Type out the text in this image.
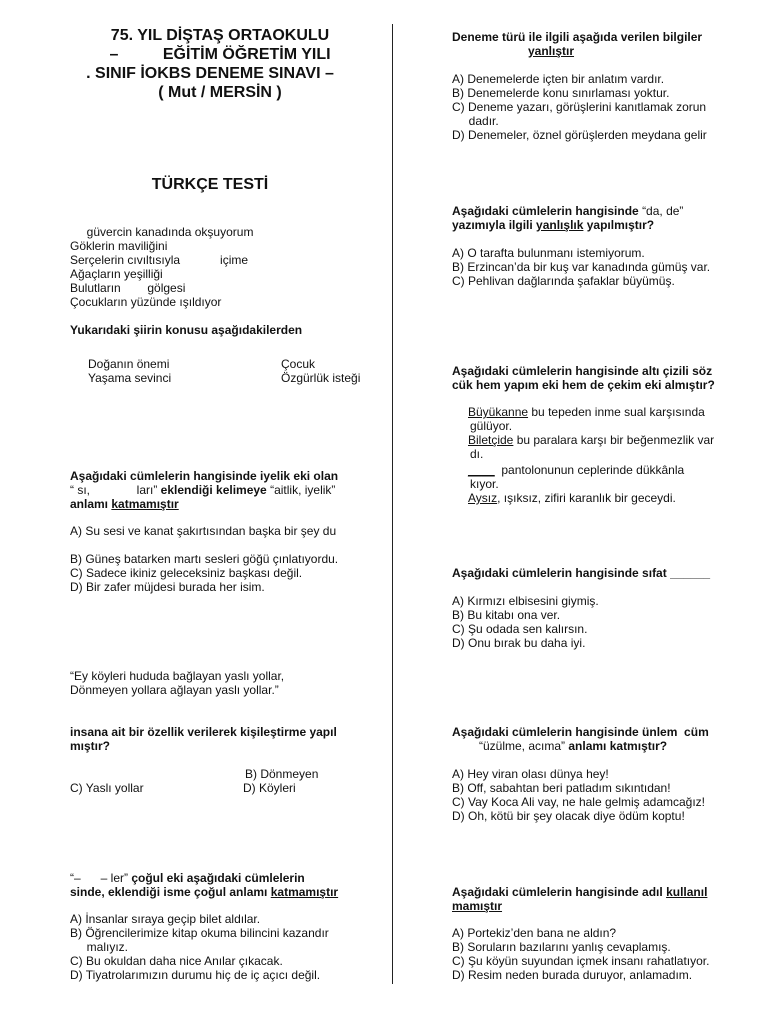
75. YIL DİŞTAŞ ORTAOKULU

–          EĞİTİM ÖĞRETİM YILI

. SINIF İOKBS DENEME SINAVI –

( Mut / MERSİN )

TÜRKÇE TESTİ

güvercin kanadında okşuyorum

Göklerin maviliğini

Serçelerin cıvıltısıyla            içime

Ağaçların yeşilliği

Bulutların        gölgesi

Çocukların yüzünde ışıldıyor

Yukarıdaki şiirin konusu aşağıdakilerden

Doğanın önemi	Çocuk
Yaşama sevinci	Özgürlük isteği

Aşağıdaki cümlelerin hangisinde iyelik eki olan

“ sı,              ları” eklendiği kelimeye “aitlik, iyelik”

anlamı katmamıştır

A) Su sesi ve kanat şakırtısından başka bir şey du

B) Güneş batarken martı sesleri göğü çınlatıyordu.

C) Sadece ikiniz geleceksiniz başkası değil.

D) Bir zafer müjdesi burada her isim.

“Ey köyleri hududa bağlayan yaslı yollar,

Dönmeyen yollara ağlayan yaslı yollar.”

insana ait bir özellik verilerek kişileştirme yapıl

mıştır?

B) Dönmeyen
C) Yaslı yollar	D) Köyleri

“–      – ler” çoğul eki aşağıdaki cümlelerin

sinde, eklendiği isme çoğul anlamı katmamıştır

A) İnsanlar sıraya geçip bilet aldılar.

B) Öğrencilerimize kitap okuma bilincini kazandır

malıyız.

C) Bu okuldan daha nice Anılar çıkacak.

D) Tiyatrolarımızın durumu hiç de iç açıcı değil.

Deneme türü ile ilgili aşağıda verilen bilgiler

yanlıştır

A) Denemelerde içten bir anlatım vardır.

B) Denemelerde konu sınırlaması yoktur.

C) Deneme yazarı, görüşlerini kanıtlamak zorun

dadır.

D) Denemeler, öznel görüşlerden meydana gelir

Aşağıdaki cümlelerin hangisinde “da, de”

yazımıyla ilgili yanlışlık yapılmıştır?

A) O tarafta bulunmanı istemiyorum.

B) Erzincan’da bir kuş var kanadında gümüş var.

C) Pehlivan dağlarında şafaklar büyümüş.

Aşağıdaki cümlelerin hangisinde altı çizili söz

cük hem yapım eki hem de çekim eki almıştır?

Büyükanne bu tepeden inme sual karşısında

gülüyor.

Biletçide bu paralara karşı bir beğenmezlik var

dı.

____  pantolonunun ceplerinde dükkânla

kıyor.

Aysız, ışıksız, zifiri karanlık bir geceydi.

Aşağıdaki cümlelerin hangisinde sıfat ______

A) Kırmızı elbisesini giymiş.

B) Bu kitabı ona ver.

C) Şu odada sen kalırsın.

D) Onu bırak bu daha iyi.

Aşağıdaki cümlelerin hangisinde ünlem  cüm

“üzülme, acıma” anlamı katmıştır?

A) Hey viran olası dünya hey!

B) Off, sabahtan beri patladım sıkıntıdan!

C) Vay Koca Ali vay, ne hale gelmiş adamcağız!

D) Oh, kötü bir şey olacak diye ödüm koptu!

Aşağıdaki cümlelerin hangisinde adıl kullanıl

mamıştır

A) Portekiz’den bana ne aldın?

B) Soruların bazılarını yanlış cevaplamış.

C) Şu köyün suyundan içmek insanı rahatlatıyor.

D) Resim neden burada duruyor, anlamadım.
